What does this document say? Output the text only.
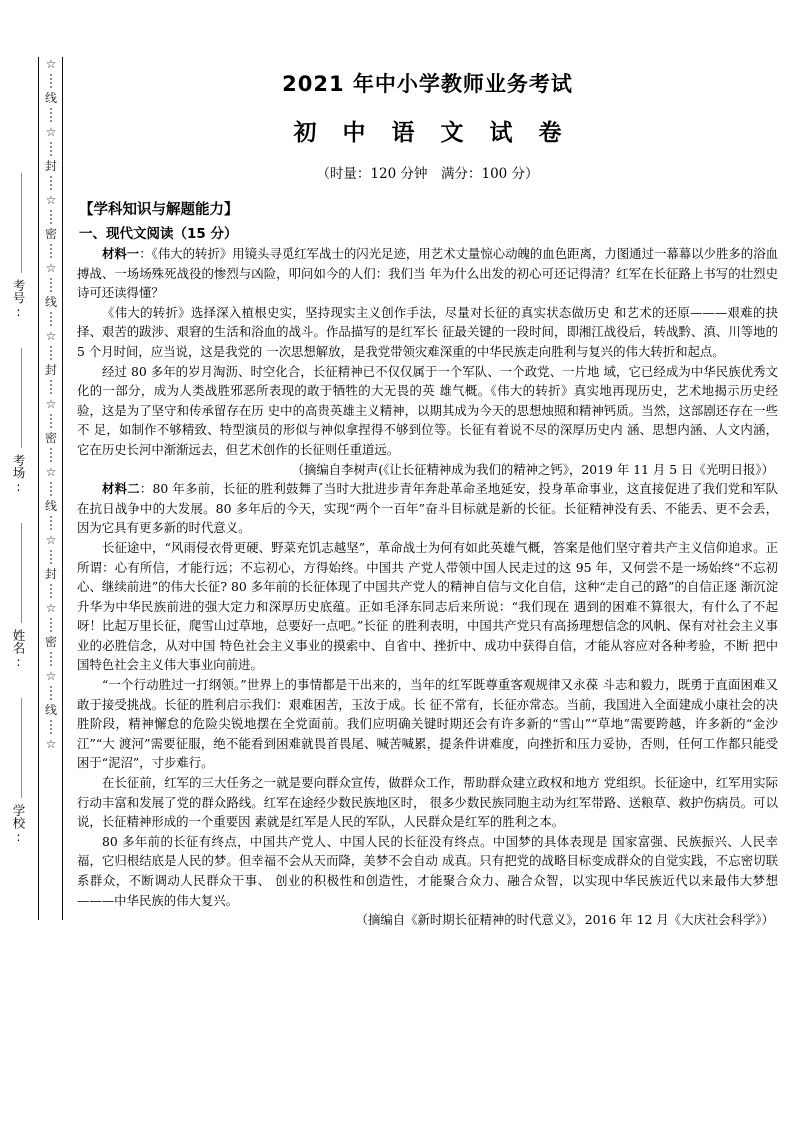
☆
线
☆
封
☆
密
☆
线
☆
封
☆
密
☆
线
☆
封
☆
密
☆
线
☆
考号:
考场:
姓名:
学校:
2021 年中小学教师业务考试
初 中 语 文 试 卷

（时量：120 分钟　满分：100 分）

【学科知识与解题能力】

一、现代文阅读（15 分）

材料一：《伟大的转折》用镜头寻觅红军战士的闪光足迹，用艺术丈量惊心动魄的血色距离，力图通过一幕幕以少胜多的浴血搏战、一场场殊死战役的惨烈与凶险，叩问如今的人们：我们当 年为什么出发的初心可还记得清？红军在长征路上书写的壮烈史诗可还读得懂？

《伟大的转折》选择深入植根史实，坚持现实主义创作手法，尽量对长征的真实状态做历史 和艺术的还原———艰难的抉择、艰苦的跋涉、艰窘的生活和浴血的战斗。作品描写的是红军长 征最关键的一段时间，即湘江战役后，转战黔、滇、川等地的 5 个月时间，应当说，这是我党的 一次思想解放，是我党带领灾难深重的中华民族走向胜利与复兴的伟大转折和起点。

经过 80 多年的岁月淘沥、时空化合，长征精神已不仅仅属于一个军队、一个政党、一片地 域，它已经成为中华民族优秀文化的一部分，成为人类战胜邪恶所表现的敢于牺牲的大无畏的英 雄气概。《伟大的转折》真实地再现历史，艺术地揭示历史经验，这是为了坚守和传承留存在历 史中的高贵英雄主义精神，以期其成为今天的思想烛照和精神钙质。当然，这部剧还存在一些不 足，如制作不够精致、特型演员的形似与神似拿捏得不够到位等。长征有着说不尽的深厚历史内 涵、思想内涵、人文内涵，它在历史长河中渐渐远去，但艺术创作的长征则任重道远。

（摘编自李树声(《让长征精神成为我们的精神之钙》，2019 年 11 月 5 日《光明日报》）

材料二：80 年多前，长征的胜利鼓舞了当时大批进步青年奔赴革命圣地延安，投身革命事业，这直接促进了我们党和军队在抗日战争中的大发展。80 多年后的今天，实现“两个一百年”奋斗目标就是新的长征。长征精神没有丢、不能丢、更不会丢，因为它具有更多新的时代意义。

长征途中，“风雨侵衣骨更硬、野菜充饥志越坚”，革命战士为何有如此英雄气概，答案是他们坚守着共产主义信仰追求。正所谓：心有所信，才能行远；不忘初心，方得始终。中国共 产党人带领中国人民走过的这 95 年，又何尝不是一场始终“不忘初心、继续前进”的伟大长征? 80 多年前的长征体现了中国共产党人的精神自信与文化自信，这种“走自己的路”的自信正逐 渐沉淀升华为中华民族前进的强大定力和深厚历史底蕴。正如毛泽东同志后来所说：“我们现在 遇到的困难不算很大，有什么了不起呀！比起万里长征，爬雪山过草地，总要好一点吧。”长征 的胜利表明，中国共产党只有高扬理想信念的风帆、保有对社会主义事业的必胜信念，从对中国 特色社会主义事业的摸索中、自省中、挫折中、成功中获得自信，才能从容应对各种考验，不断 把中国特色社会主义伟大事业向前进。

“一个行动胜过一打纲领。”世界上的事情都是干出来的，当年的红军既尊重客观规律又永葆 斗志和毅力，既勇于直面困难又敢于接受挑战。长征的胜利启示我们：艰难困苦，玉汝于成。长 征不常有，长征亦常态。当前，我国进入全面建成小康社会的决胜阶段，精神懈怠的危险尖锐地摆在全党面前。我们应明确关键时期还会有许多新的“雪山”“草地”需要跨越，许多新的“金沙江”“大 渡河”需要征服，绝不能看到困难就畏首畏尾、喊苦喊累，提条件讲难度，向挫折和压力妥协，否则，任何工作都只能受困于“泥沼”，寸步难行。

在长征前，红军的三大任务之一就是要向群众宣传，做群众工作，帮助群众建立政权和地方 党组织。长征途中，红军用实际行动丰富和发展了党的群众路线。红军在途经少数民族地区时， 很多少数民族同胞主动为红军带路、送粮草、救护伤病员。可以说，长征精神形成的一个重要因 素就是红军是人民的军队，人民群众是红军的胜利之本。

80 多年前的长征有终点，中国共产党人、中国人民的长征没有终点。中国梦的具体表现是 国家富强、民族振兴、人民幸福，它归根结底是人民的梦。但幸福不会从天而降，美梦不会自动 成真。只有把党的战略目标变成群众的自觉实践，不忘密切联系群众，不断调动人民群众干事、 创业的积极性和创造性，才能聚合众力、融合众智，以实现中华民族近代以来最伟大梦想———中华民族的伟大复兴。

（摘编自《新时期长征精神的时代意义》，2016 年 12 月《大庆社会科学》）
